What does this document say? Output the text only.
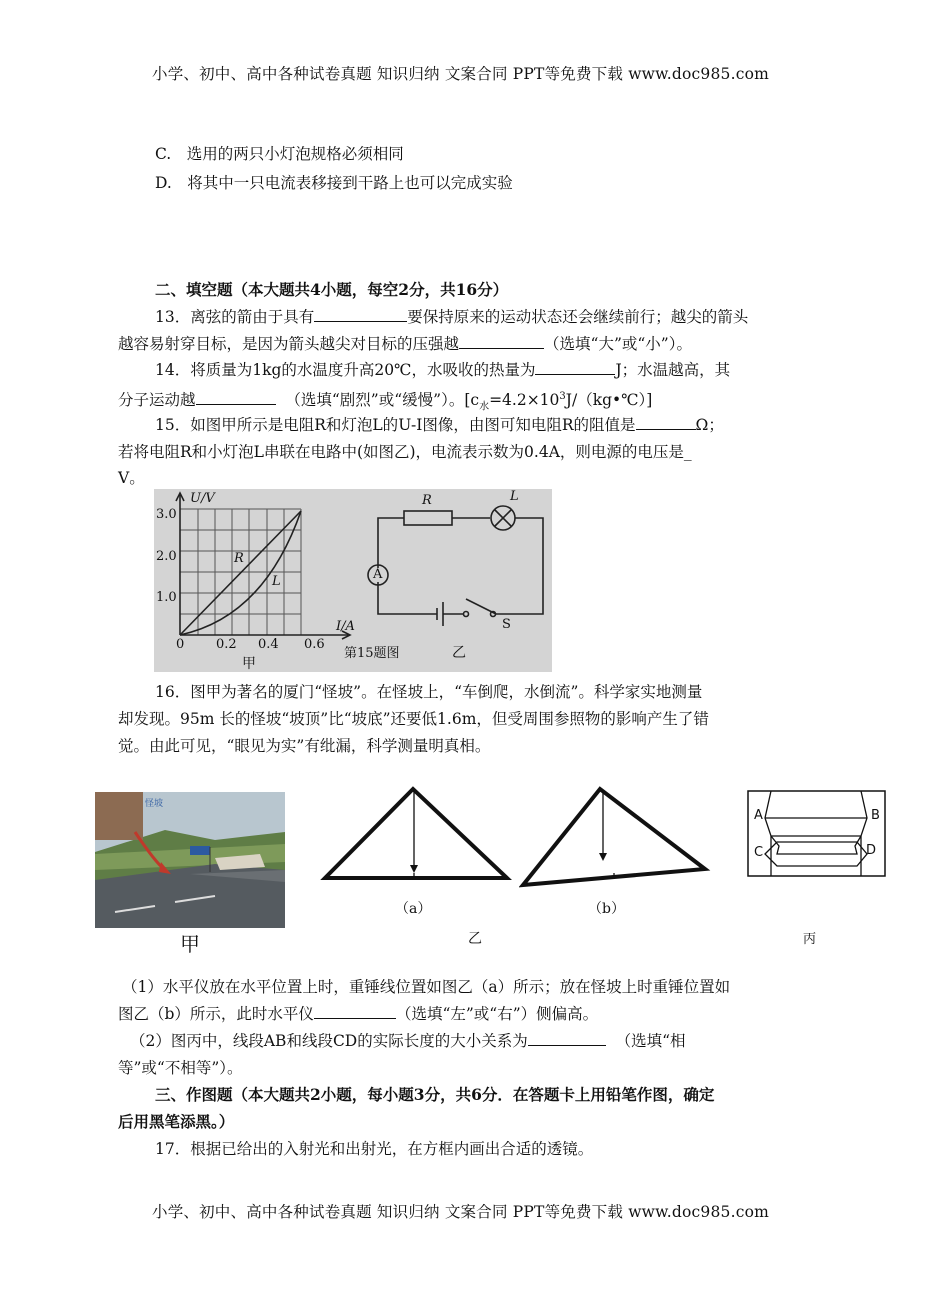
小学、初中、高中各种试卷真题 知识归纳 文案合同 PPT等免费下载 www.doc985.com
C.　选用的两只小灯泡规格必须相同
D.　将其中一只电流表移接到干路上也可以完成实验
二、填空题（本大题共4小题，每空2分，共16分）
13．离弦的箭由于具有	要保持原来的运动状态还会继续前行；越尖的箭头
越容易射穿目标，是因为箭头越尖对目标的压强越	（选填“大”或“小”）。
14．将质量为1kg的水温度升高20℃，水吸收的热量为	J；水温越高，其
分子运动越	（选填“剧烈”或“缓慢”）。$[c_水=4.2\times 10^3J/(kg•℃)]$
15．如图甲所示是电阻R和灯泡L的U-I图像，由图可知电阻R的阻值是	Ω；
若将电阻R和小灯泡L串联在电路中(如图乙)，电流表示数为0.4A，则电源的电压是_
V。
3.0
2.0
1.0
U/V
I/A
0 0.2 0.4 0.6
R
L
甲
第15题图	乙
R	L
A
S
16．图甲为著名的厦门“怪坡”。在怪坡上，“车倒爬，水倒流”。科学家实地测量
却发现。95m 长的怪坡“坡顶”比“坡底”还要低1.6m，但受周围参照物的影响产生了错
觉。由此可见，“眼见为实”有纰漏，科学测量明真相。
怪坡
甲
（a）	（b）
乙
A	B
C	D
丙
（1）水平仪放在水平位置上时，重锤线位置如图乙（a）所示；放在怪坡上时重锤位置如
图乙（b）所示，此时水平仪	（选填“左”或“右”）侧偏高。
（2）图丙中，线段AB和线段CD的实际长度的大小关系为	（选填“相
等”或“不相等”）。
三、作图题（本大题共2小题，每小题3分，共6分．在答题卡上用铅笔作图，确定
后用黑笔添黑。）
17．根据已给出的入射光和出射光，在方框内画出合适的透镜。
小学、初中、高中各种试卷真题 知识归纳 文案合同 PPT等免费下载 www.doc985.com
